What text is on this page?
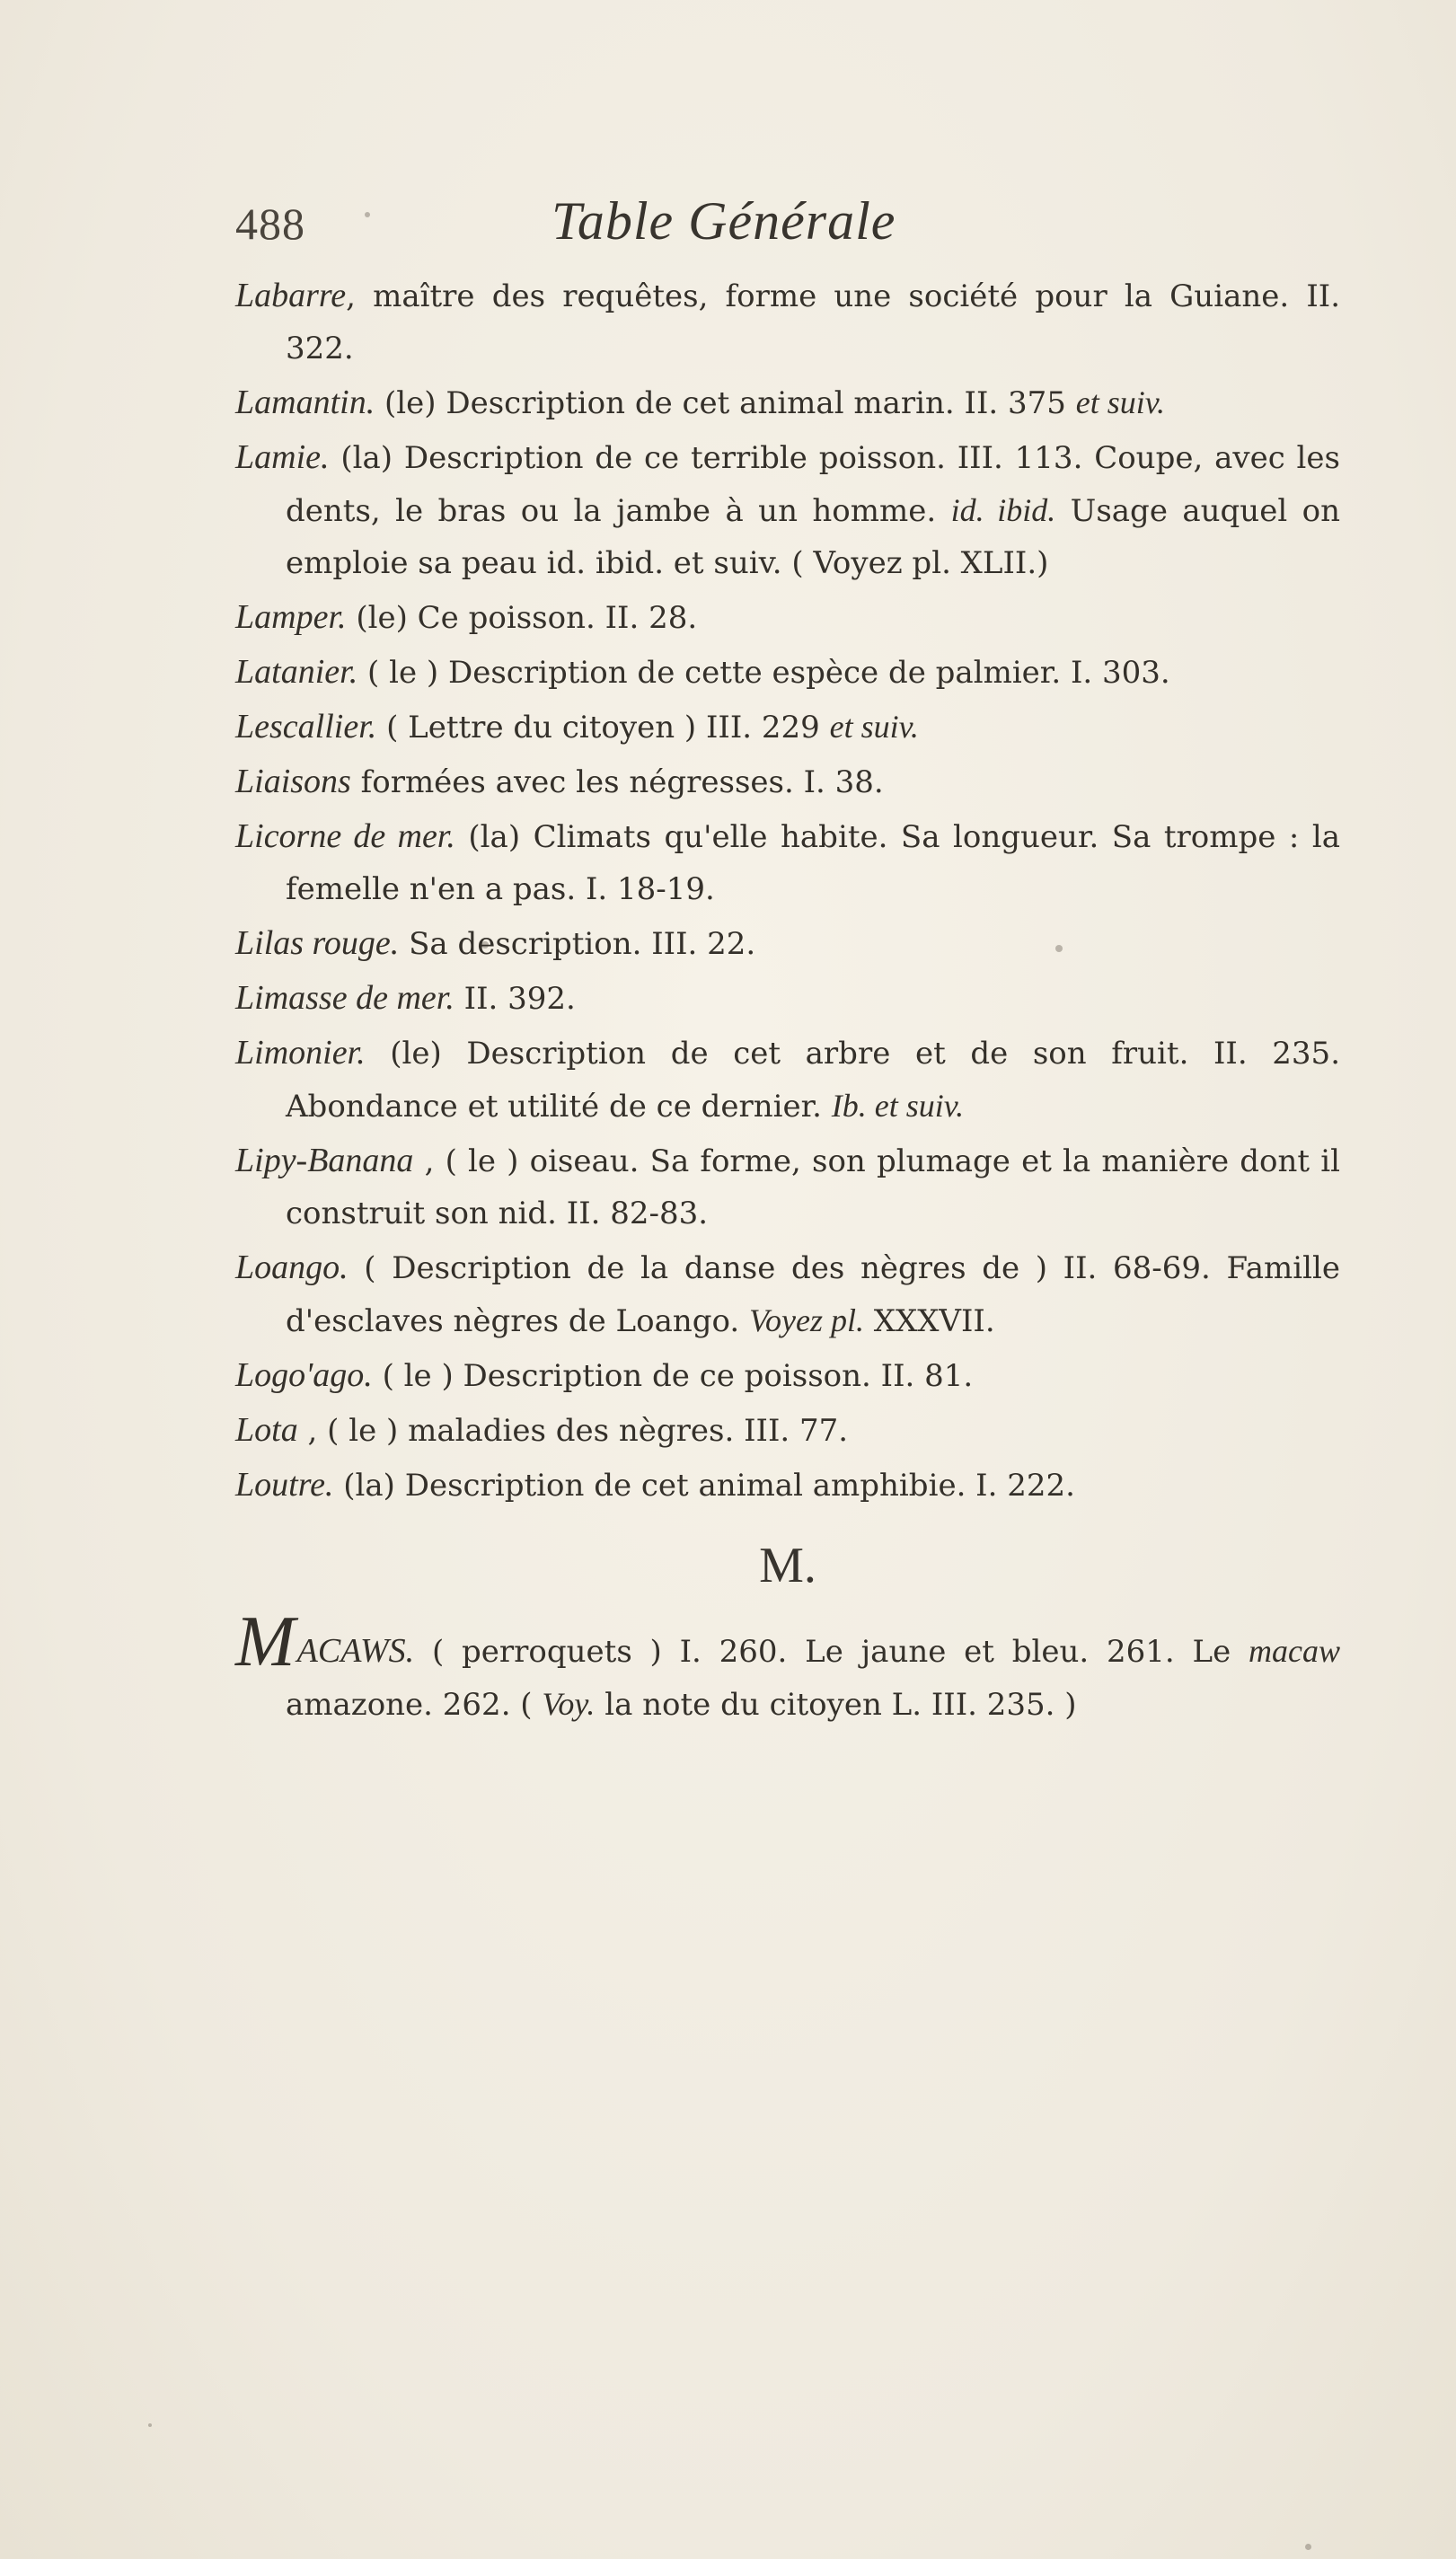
488	Table Générale

Labarre, maître des requêtes, forme une société pour la Guiane. II. 322.

Lamantin. (le) Description de cet animal marin. II. 375 et suiv.

Lamie. (la) Description de ce terrible poisson. III. 113. Coupe, avec les dents, le bras ou la jambe à un homme. id. ibid. Usage auquel on emploie sa peau id. ibid. et suiv. ( Voyez pl. XLII.)

Lamper. (le) Ce poisson. II. 28.

Latanier. ( le ) Description de cette espèce de palmier. I. 303.

Lescallier. ( Lettre du citoyen ) III. 229 et suiv.

Liaisons formées avec les négresses. I. 38.

Licorne de mer. (la) Climats qu'elle habite. Sa longueur. Sa trompe : la femelle n'en a pas. I. 18-19.

Lilas rouge. Sa description. III. 22.

Limasse de mer. II. 392.

Limonier. (le) Description de cet arbre et de son fruit. II. 235. Abondance et utilité de ce dernier. Ib. et suiv.

Lipy-Banana , ( le ) oiseau. Sa forme, son plumage et la manière dont il construit son nid. II. 82-83.

Loango. ( Description de la danse des nègres de ) II. 68-69. Famille d'esclaves nègres de Loango. Voyez pl. XXXVII.

Logo'ago. ( le ) Description de ce poisson. II. 81.

Lota , ( le ) maladies des nègres. III. 77.

Loutre. (la) Description de cet animal amphibie. I. 222.

M.

MACAWS. ( perroquets ) I. 260. Le jaune et bleu. 261. Le macaw amazone. 262. ( Voy. la note du citoyen L. III. 235. )
